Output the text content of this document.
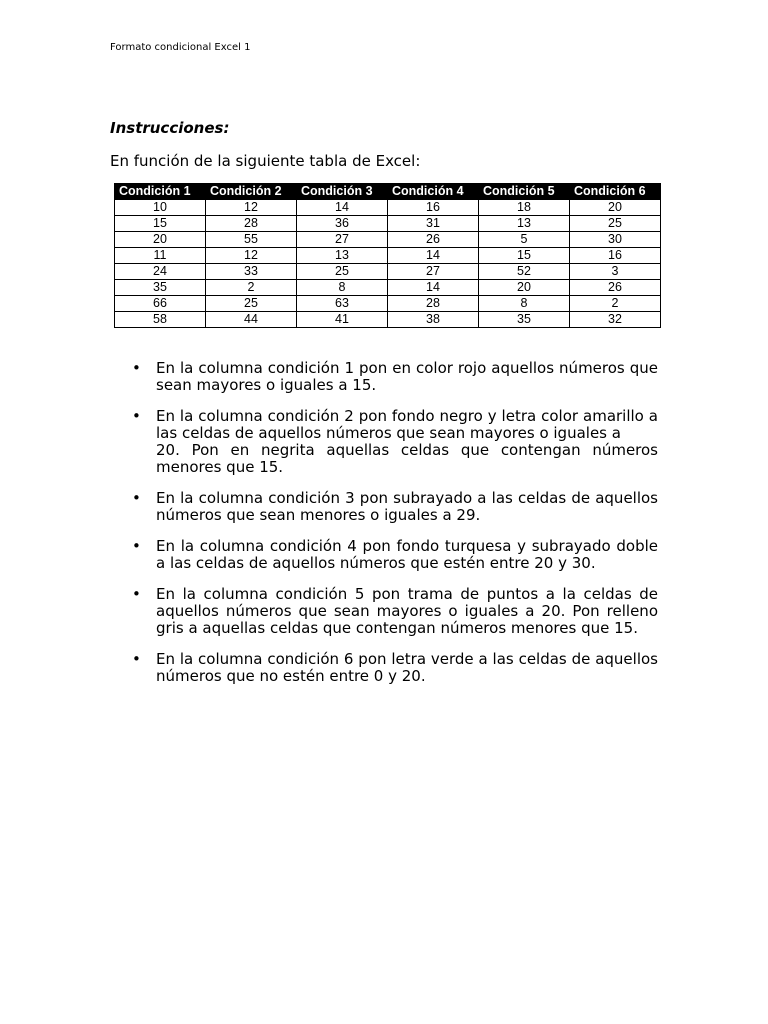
Formato condicional Excel 1
Instrucciones:
En función de la siguiente tabla de Excel:
Condición 1	Condición 2	Condición 3	Condición 4	Condición 5	Condición 6
10	12	14	16	18	20
15	28	36	31	13	25
20	55	27	26	5	30
11	12	13	14	15	16
24	33	25	27	52	3
35	2	8	14	20	26
66	25	63	28	8	2
58	44	41	38	35	32
• En la columna condición 1 pon en color rojo aquellos números que sean mayores o iguales a 15.
• En la columna condición 2 pon fondo negro y letra color amarillo a las celdas de aquellos números que sean mayores o iguales a
20. Pon en negrita aquellas celdas que contengan números menores que 15.
• En la columna condición 3 pon subrayado a las celdas de aquellos números que sean menores o iguales a 29.
• En la columna condición 4 pon fondo turquesa y subrayado doble a las celdas de aquellos números que estén entre 20 y 30.
• En la columna condición 5 pon trama de puntos a la celdas de aquellos números que sean mayores o iguales a 20. Pon relleno gris a aquellas celdas que contengan números menores que 15.
• En la columna condición 6 pon letra verde a las celdas de aquellos números que no estén entre 0 y 20.
